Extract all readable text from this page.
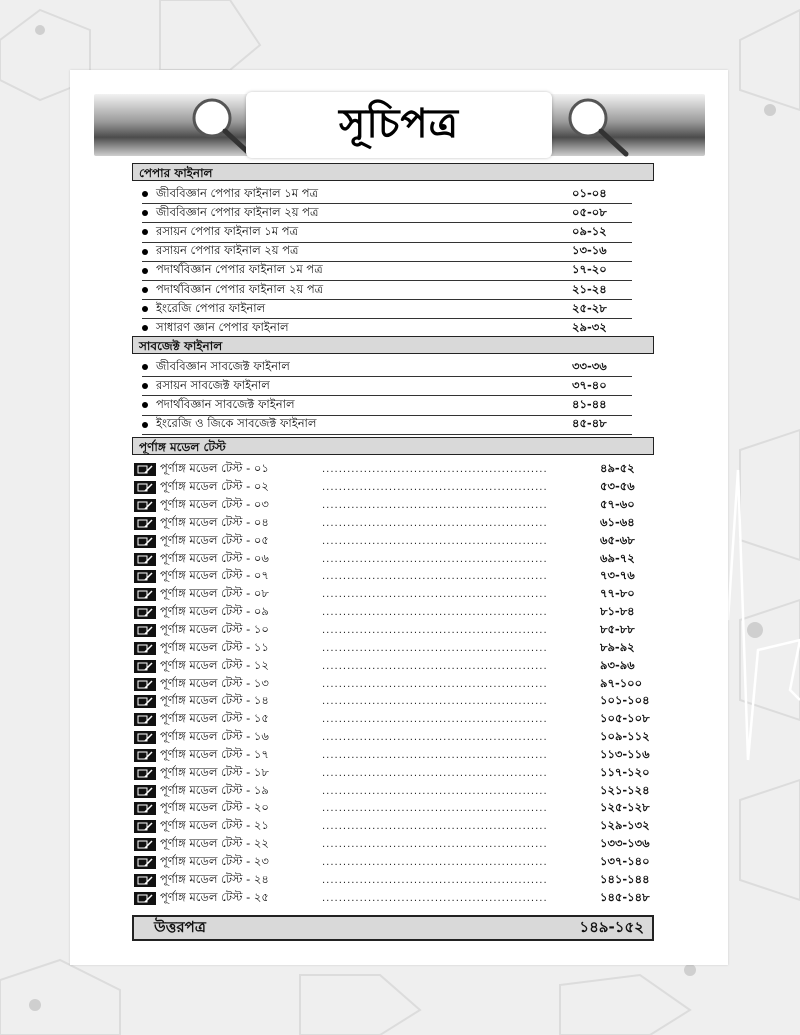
সূচিপত্র
পেপার ফাইনাল
জীববিজ্ঞান পেপার ফাইনাল ১ম পত্র	০১-০৪
জীববিজ্ঞান পেপার ফাইনাল ২য় পত্র	০৫-০৮
রসায়ন পেপার ফাইনাল ১ম পত্র	০৯-১২
রসায়ন পেপার ফাইনাল ২য় পত্র	১৩-১৬
পদার্থবিজ্ঞান পেপার ফাইনাল ১ম পত্র	১৭-২০
পদার্থবিজ্ঞান পেপার ফাইনাল ২য় পত্র	২১-২৪
ইংরেজি পেপার ফাইনাল	২৫-২৮
সাধারণ জ্ঞান পেপার ফাইনাল	২৯-৩২
সাবজেক্ট ফাইনাল
জীববিজ্ঞান সাবজেক্ট ফাইনাল	৩৩-৩৬
রসায়ন সাবজেক্ট ফাইনাল	৩৭-৪০
পদার্থবিজ্ঞান সাবজেক্ট ফাইনাল	৪১-৪৪
ইংরেজি ও জিকে সাবজেক্ট ফাইনাল	৪৫-৪৮
পূর্ণাঙ্গ মডেল টেস্ট
পূর্ণাঙ্গ মডেল টেস্ট - ০১	......................................................	৪৯-৫২
পূর্ণাঙ্গ মডেল টেস্ট - ০২	......................................................	৫৩-৫৬
পূর্ণাঙ্গ মডেল টেস্ট - ০৩	......................................................	৫৭-৬০
পূর্ণাঙ্গ মডেল টেস্ট - ০৪	......................................................	৬১-৬৪
পূর্ণাঙ্গ মডেল টেস্ট - ০৫	......................................................	৬৫-৬৮
পূর্ণাঙ্গ মডেল টেস্ট - ০৬	......................................................	৬৯-৭২
পূর্ণাঙ্গ মডেল টেস্ট - ০৭	......................................................	৭৩-৭৬
পূর্ণাঙ্গ মডেল টেস্ট - ০৮	......................................................	৭৭-৮০
পূর্ণাঙ্গ মডেল টেস্ট - ০৯	......................................................	৮১-৮৪
পূর্ণাঙ্গ মডেল টেস্ট - ১০	......................................................	৮৫-৮৮
পূর্ণাঙ্গ মডেল টেস্ট - ১১	......................................................	৮৯-৯২
পূর্ণাঙ্গ মডেল টেস্ট - ১২	......................................................	৯৩-৯৬
পূর্ণাঙ্গ মডেল টেস্ট - ১৩	......................................................	৯৭-১০০
পূর্ণাঙ্গ মডেল টেস্ট - ১৪	......................................................	১০১-১০৪
পূর্ণাঙ্গ মডেল টেস্ট - ১৫	......................................................	১০৫-১০৮
পূর্ণাঙ্গ মডেল টেস্ট - ১৬	......................................................	১০৯-১১২
পূর্ণাঙ্গ মডেল টেস্ট - ১৭	......................................................	১১৩-১১৬
পূর্ণাঙ্গ মডেল টেস্ট - ১৮	......................................................	১১৭-১২০
পূর্ণাঙ্গ মডেল টেস্ট - ১৯	......................................................	১২১-১২৪
পূর্ণাঙ্গ মডেল টেস্ট - ২০	......................................................	১২৫-১২৮
পূর্ণাঙ্গ মডেল টেস্ট - ২১	......................................................	১২৯-১৩২
পূর্ণাঙ্গ মডেল টেস্ট - ২২	......................................................	১৩৩-১৩৬
পূর্ণাঙ্গ মডেল টেস্ট - ২৩	......................................................	১৩৭-১৪০
পূর্ণাঙ্গ মডেল টেস্ট - ২৪	......................................................	১৪১-১৪৪
পূর্ণাঙ্গ মডেল টেস্ট - ২৫	......................................................	১৪৫-১৪৮
উত্তরপত্র	১৪৯-১৫২
